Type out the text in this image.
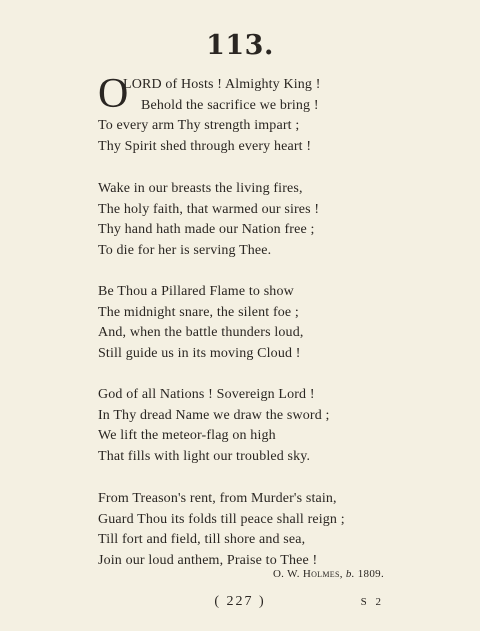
113.
O
LORD of Hosts ! Almighty King !
Behold the sacrifice we bring !
To every arm Thy strength impart ;
Thy Spirit shed through every heart !
Wake in our breasts the living fires,
The holy faith, that warmed our sires !
Thy hand hath made our Nation free ;
To die for her is serving Thee.
Be Thou a Pillared Flame to show
The midnight snare, the silent foe ;
And, when the battle thunders loud,
Still guide us in its moving Cloud !
God of all Nations ! Sovereign Lord !
In Thy dread Name we draw the sword ;
We lift the meteor-flag on high
That fills with light our troubled sky.
From Treason's rent, from Murder's stain,
Guard Thou its folds till peace shall reign ;
Till fort and field, till shore and sea,
Join our loud anthem, Praise to Thee !
O. W. Holmes, b. 1809.
( 227 )	S 2
